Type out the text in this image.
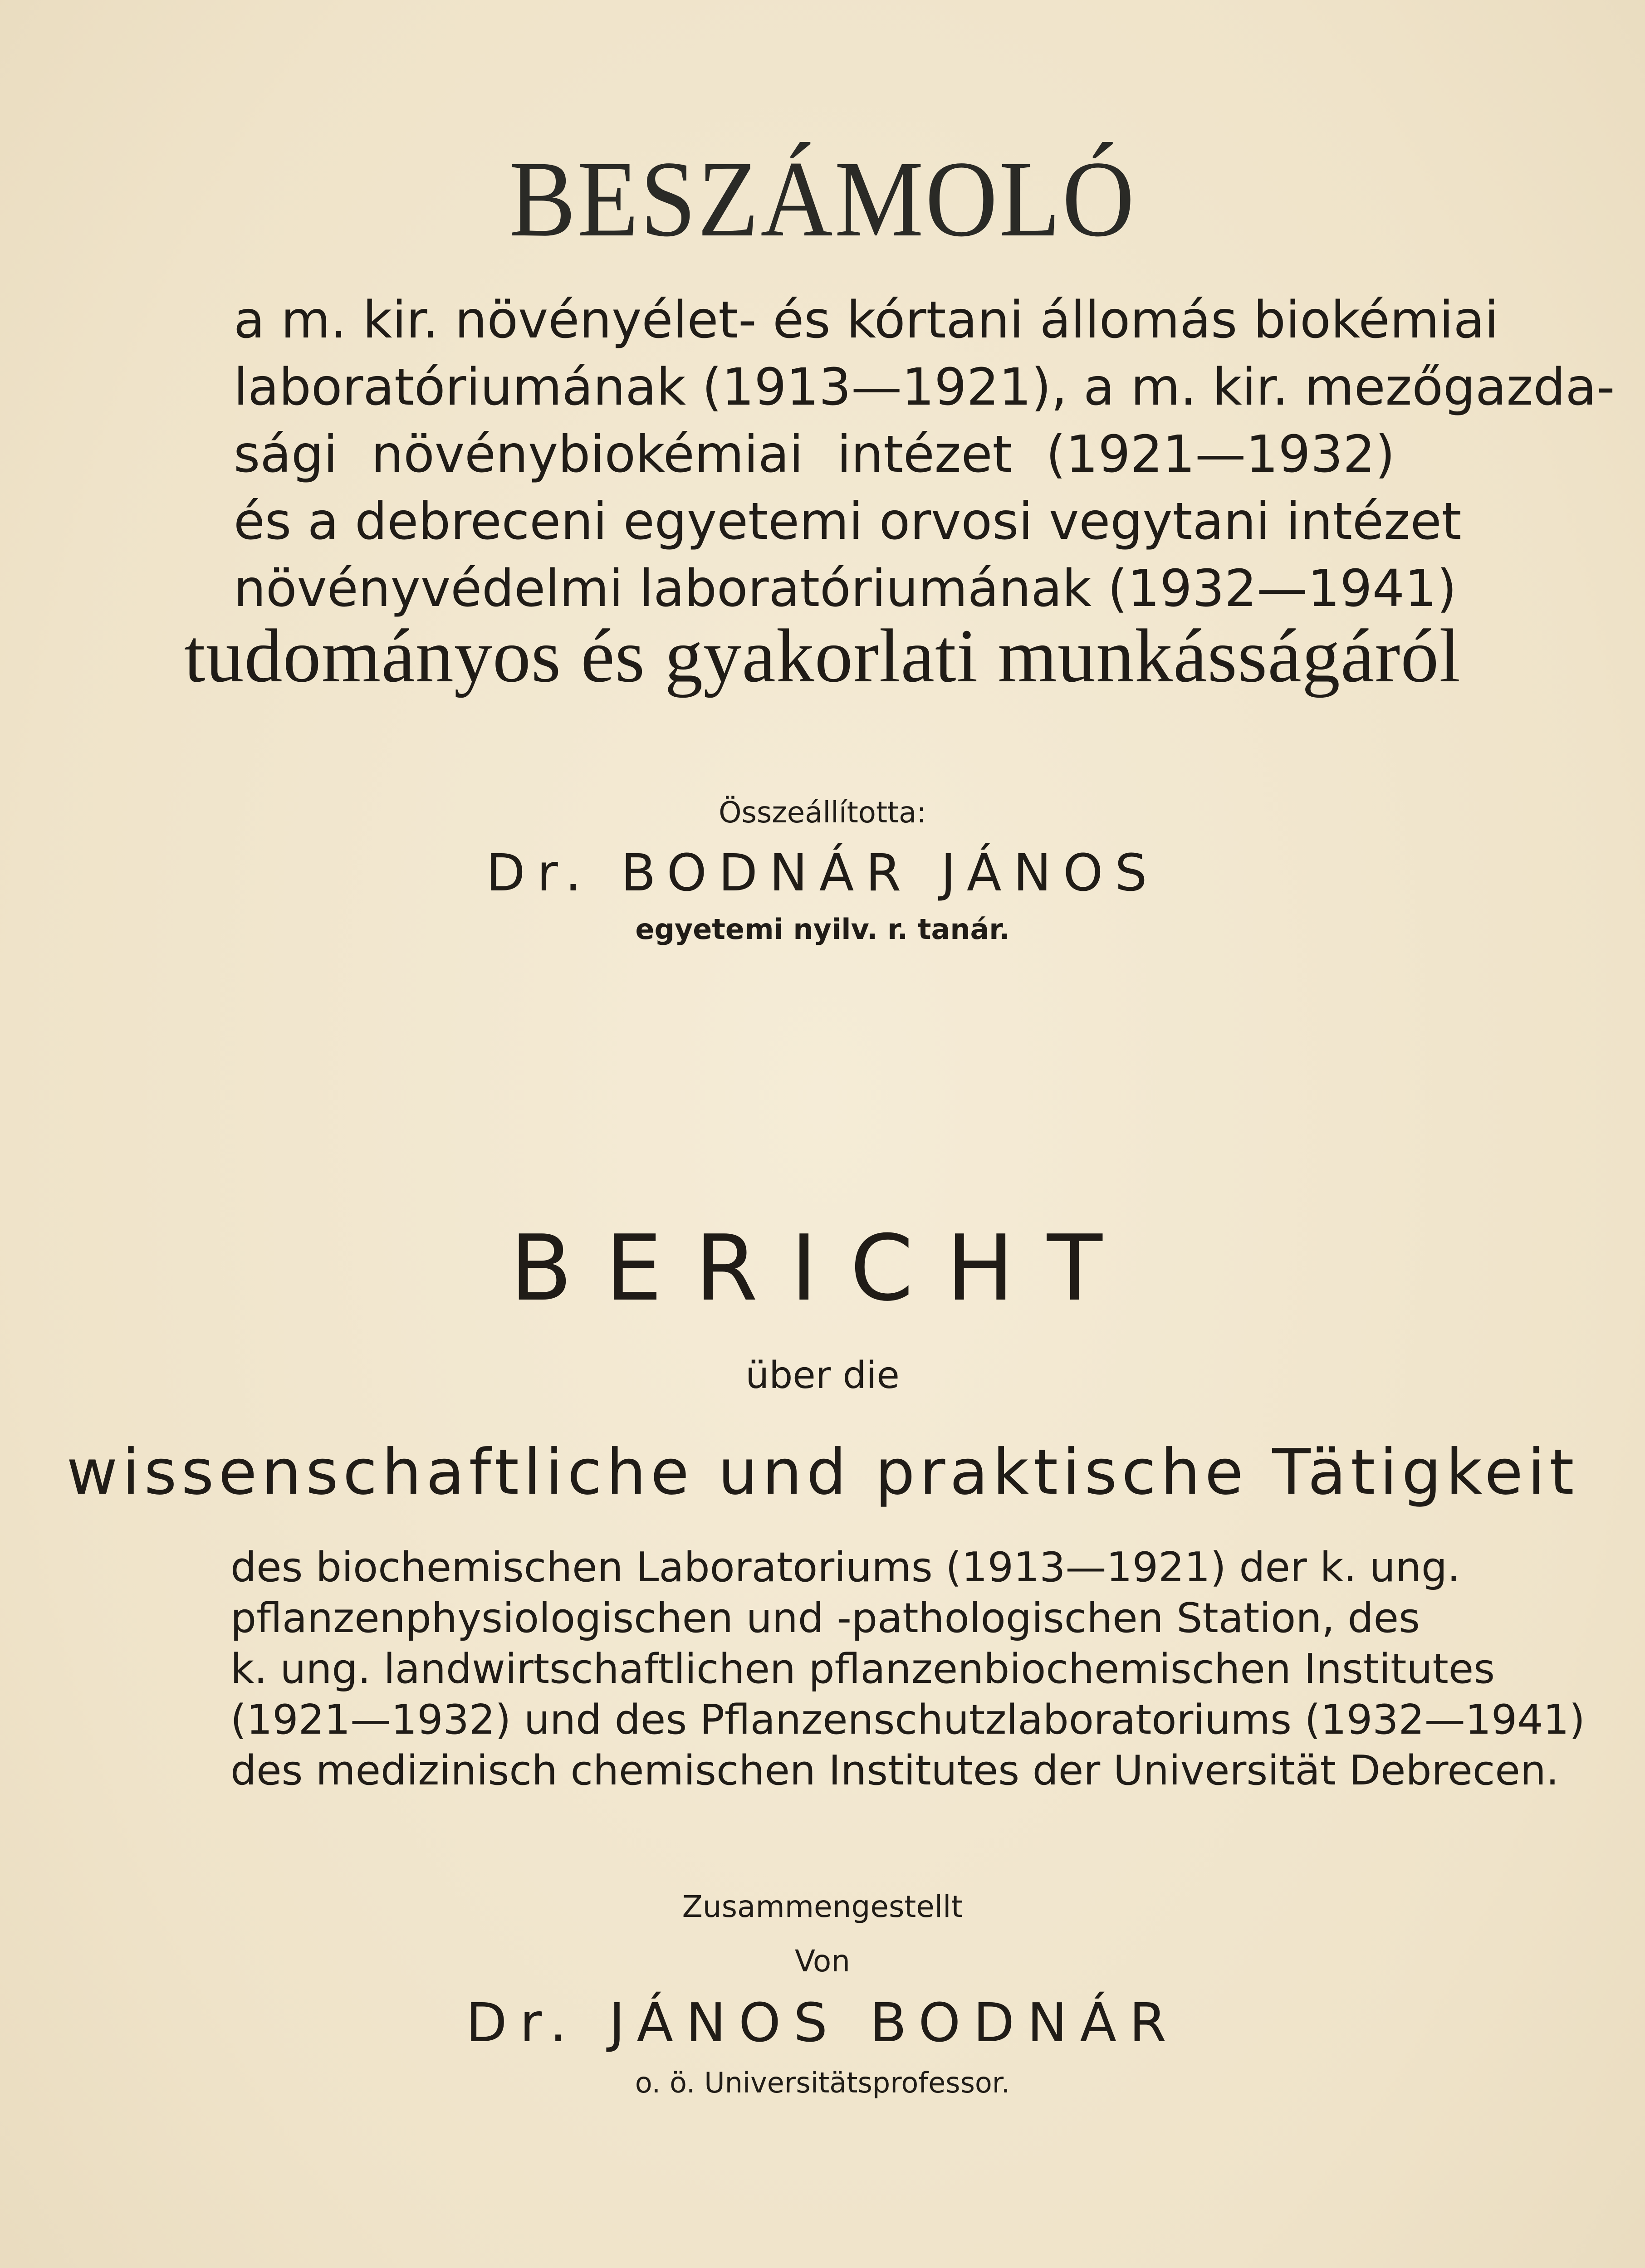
BESZÁMOLÓ
a m. kir. növényélet- és kórtani állomás biokémiai
laboratóriumának (1913—1921), a m. kir. mezőgazda-
sági növénybiokémiai intézet (1921—1932)
és a debreceni egyetemi orvosi vegytani intézet
növényvédelmi laboratóriumának (1932—1941)
tudományos és gyakorlati munkásságáról
Összeállította:
Dr. BODNÁR JÁNOS
egyetemi nyilv. r. tanár.
BERICHT
über die
wissenschaftliche und praktische Tätigkeit
des biochemischen Laboratoriums (1913—1921) der k. ung.
pflanzenphysiologischen und -pathologischen Station, des
k. ung. landwirtschaftlichen pflanzenbiochemischen Institutes
(1921—1932) und des Pflanzenschutzlaboratoriums (1932—1941)
des medizinisch chemischen Institutes der Universität Debrecen.
Zusammengestellt
Von
Dr. JÁNOS BODNÁR
o. ö. Universitätsprofessor.
